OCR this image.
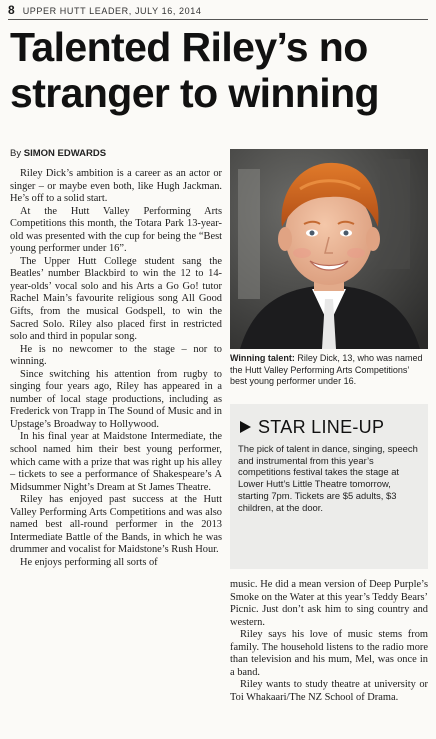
8 UPPER HUTT LEADER, JULY 16, 2014
Talented Riley’s no
stranger to winning
By SIMON EDWARDS

Riley Dick’s ambition is a career as an actor or singer – or maybe even both, like Hugh Jackman. He’s off to a solid start.

At the Hutt Valley Performing Arts Competitions this month, the Totara Park 13-year-old was presented with the cup for being the “Best young performer under 16”.

The Upper Hutt College student sang the Beatles’ number Blackbird to win the 12 to 14-year-olds’ vocal solo and his Arts a Go Go! tutor Rachel Main’s favourite religious song All Good Gifts, from the musical Godspell, to win the Sacred Solo. Riley also placed first in restricted solo and third in popular song.

He is no newcomer to the stage – nor to winning.

Since switching his attention from rugby to singing four years ago, Riley has appeared in a number of local stage productions, including as Frederick von Trapp in The Sound of Music and in Upstage’s Broadway to Hollywood.

In his final year at Maidstone Intermediate, the school named him their best young performer, which came with a prize that was right up his alley – tickets to see a performance of Shakespeare’s A Midsummer Night’s Dream at St James Theatre.

Riley has enjoyed past success at the Hutt Valley Performing Arts Competitions and was also named best all-round performer in the 2013 Intermediate Battle of the Bands, in which he was drummer and vocalist for Maidstone’s Rush Hour.

He enjoys performing all sorts of

Winning talent: Riley Dick, 13, who was named the Hutt Valley Performing Arts Competitions’ best young performer under 16.
STAR LINE-UP
The pick of talent in dance, singing, speech and instrumental from this year’s competitions festival takes the stage at Lower Hutt’s Little Theatre tomorrow, starting 7pm. Tickets are $5 adults, $3 children, at the door.

music. He did a mean version of Deep Purple’s Smoke on the Water at this year’s Teddy Bears’ Picnic. Just don’t ask him to sing country and western.

Riley says his love of music stems from family. The household listens to the radio more than television and his mum, Mel, was once in a band.

Riley wants to study theatre at university or Toi Whakaari/The NZ School of Drama.
